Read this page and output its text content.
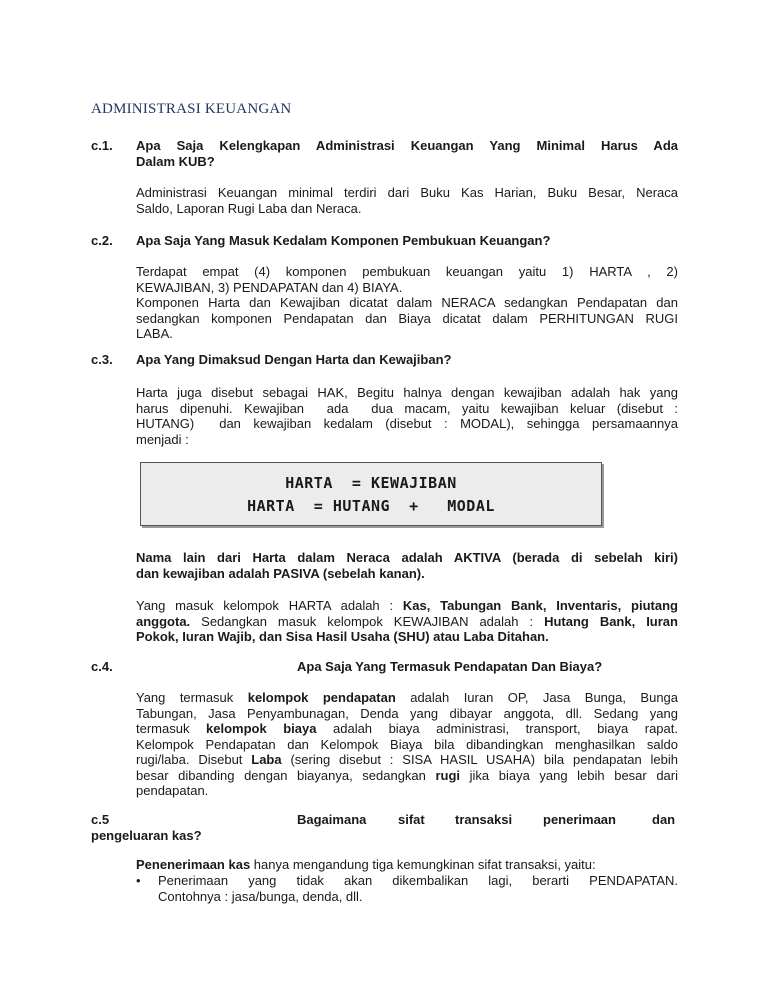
ADMINISTRASI KEUANGAN
c.1. Apa Saja Kelengkapan Administrasi Keuangan Yang Minimal Harus Ada
Dalam KUB?
Administrasi Keuangan minimal terdiri dari Buku Kas Harian, Buku Besar, Neraca
Saldo, Laporan Rugi Laba dan Neraca.
c.2. Apa Saja Yang Masuk Kedalam Komponen Pembukuan Keuangan?
Terdapat empat (4) komponen pembukuan keuangan yaitu 1) HARTA , 2)
KEWAJIBAN, 3) PENDAPATAN dan 4) BIAYA.
Komponen Harta dan Kewajiban dicatat dalam NERACA sedangkan Pendapatan dan
sedangkan komponen Pendapatan dan Biaya dicatat dalam PERHITUNGAN RUGI
LABA.
c.3. Apa Yang Dimaksud Dengan Harta dan Kewajiban?
Harta juga disebut sebagai HAK, Begitu halnya dengan kewajiban adalah hak yang
harus dipenuhi. Kewajiban  ada  dua macam, yaitu kewajiban keluar (disebut :
HUTANG)  dan kewajiban kedalam (disebut : MODAL), sehingga persamaannya
menjadi :
HARTA  = KEWAJIBAN
HARTA  = HUTANG  +   MODAL
Nama lain dari Harta dalam Neraca adalah AKTIVA (berada di sebelah kiri)
dan kewajiban adalah PASIVA (sebelah kanan).
Yang masuk kelompok HARTA adalah : Kas, Tabungan Bank, Inventaris, piutang
anggota. Sedangkan masuk kelompok KEWAJIBAN adalah : Hutang Bank, Iuran
Pokok, Iuran Wajib, dan Sisa Hasil Usaha (SHU) atau Laba Ditahan.
c.4.	Apa Saja Yang Termasuk Pendapatan Dan Biaya?
Yang termasuk kelompok pendapatan adalah Iuran OP, Jasa Bunga, Bunga
Tabungan, Jasa Penyambunagan, Denda yang dibayar anggota, dll. Sedang yang
termasuk kelompok biaya adalah biaya administrasi, transport, biaya rapat.
Kelompok Pendapatan dan Kelompok Biaya bila dibandingkan menghasilkan saldo
rugi/laba. Disebut Laba (sering disebut : SISA HASIL USAHA) bila pendapatan lebih
besar dibanding dengan biayanya, sedangkan rugi jika biaya yang lebih besar dari
pendapatan.
c.5	Bagaimana sifat transaksi penerimaan	dan
pengeluaran kas?
Penenerimaan kas hanya mengandung tiga kemungkinan sifat transaksi, yaitu:
• Penerimaan yang tidak akan dikembalikan lagi, berarti PENDAPATAN.
Contohnya : jasa/bunga, denda, dll.
